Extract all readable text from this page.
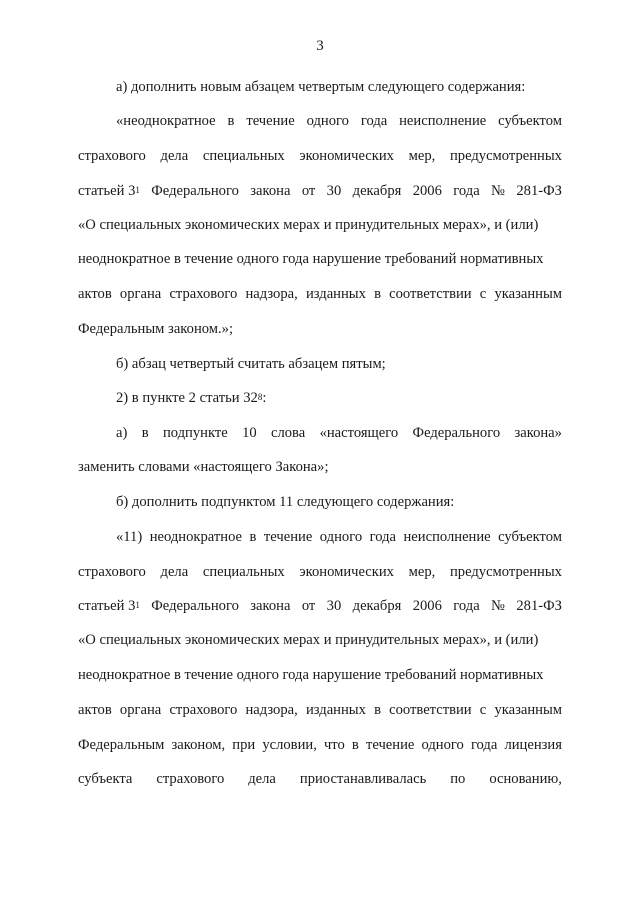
3
а) дополнить новым абзацем четвертым следующего содержания:
«неоднократное в течение одного года неисполнение субъектом
страхового дела специальных экономических мер, предусмотренных
статьей $3^1$ Федерального закона от 30 декабря 2006 года № 281-ФЗ
«О специальных экономических мерах и принудительных мерах», и (или)
неоднократное в течение одного года нарушение требований нормативных
актов органа страхового надзора, изданных в соответствии с указанным
Федеральным законом.»;
б) абзац четвертый считать абзацем пятым;
2) в пункте 2 статьи $32^8$:
а) в подпункте 10 слова «настоящего Федерального закона»
заменить словами «настоящего Закона»;
б) дополнить подпунктом 11 следующего содержания:
«11) неоднократное в течение одного года неисполнение субъектом
страхового дела специальных экономических мер, предусмотренных
статьей $3^1$ Федерального закона от 30 декабря 2006 года № 281-ФЗ
«О специальных экономических мерах и принудительных мерах», и (или)
неоднократное в течение одного года нарушение требований нормативных
актов органа страхового надзора, изданных в соответствии с указанным
Федеральным законом, при условии, что в течение одного года лицензия
субъекта страхового дела приостанавливалась по основанию,
